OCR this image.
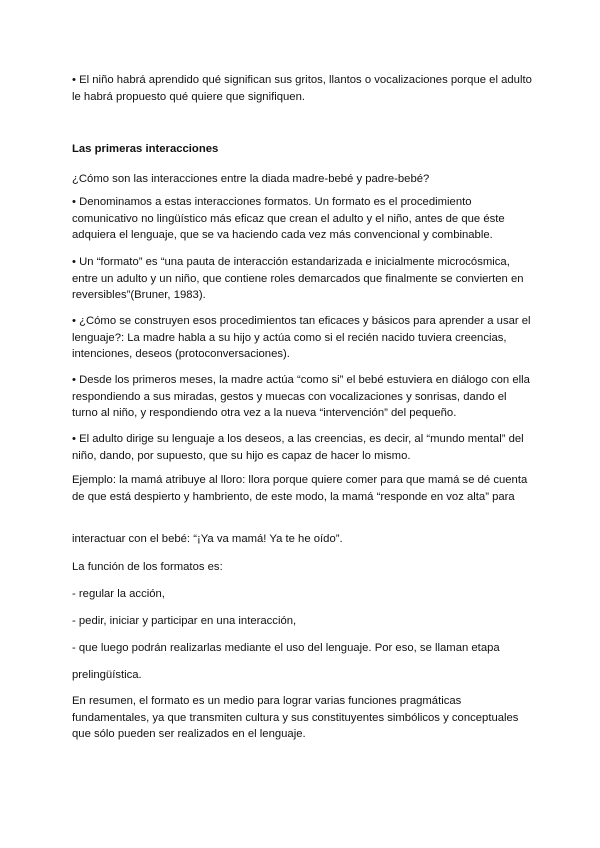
• El niño habrá aprendido qué significan sus gritos, llantos o vocalizaciones porque el adulto le habrá propuesto qué quiere que signifiquen.

Las primeras interacciones

¿Cómo son las interacciones entre la diada madre-bebé y padre-bebé?

• Denominamos a estas interacciones formatos. Un formato es el procedimiento comunicativo no lingüístico más eficaz que crean el adulto y el niño, antes de que éste adquiera el lenguaje, que se va haciendo cada vez más convencional y combinable.

• Un “formato” es “una pauta de interacción estandarizada e inicialmente microcósmica, entre un adulto y un niño, que contiene roles demarcados que finalmente se convierten en reversibles”(Bruner, 1983).

• ¿Cómo se construyen esos procedimientos tan eficaces y básicos para aprender a usar el lenguaje?: La madre habla a su hijo y actúa como si el recién nacido tuviera creencias, intenciones, deseos (protoconversaciones).

• Desde los primeros meses, la madre actúa “como si” el bebé estuviera en diálogo con ella respondiendo a sus miradas, gestos y muecas con vocalizaciones y sonrisas, dando el turno al niño, y respondiendo otra vez a la nueva “intervención” del pequeño.

• El adulto dirige su lenguaje a los deseos, a las creencias, es decir, al “mundo mental” del niño, dando, por supuesto, que su hijo es capaz de hacer lo mismo.

Ejemplo: la mamá atribuye al lloro: llora porque quiere comer para que mamá se dé cuenta de que está despierto y hambriento, de este modo, la mamá “responde en voz alta” para

interactuar con el bebé: “¡Ya va mamá! Ya te he oído”.

La función de los formatos es:

- regular la acción,

- pedir, iniciar y participar en una interacción,

- que luego podrán realizarlas mediante el uso del lenguaje. Por eso, se llaman etapa

prelingüística.

En resumen, el formato es un medio para lograr varias funciones pragmáticas fundamentales, ya que transmiten cultura y sus constituyentes simbólicos y conceptuales que sólo pueden ser realizados en el lenguaje.
